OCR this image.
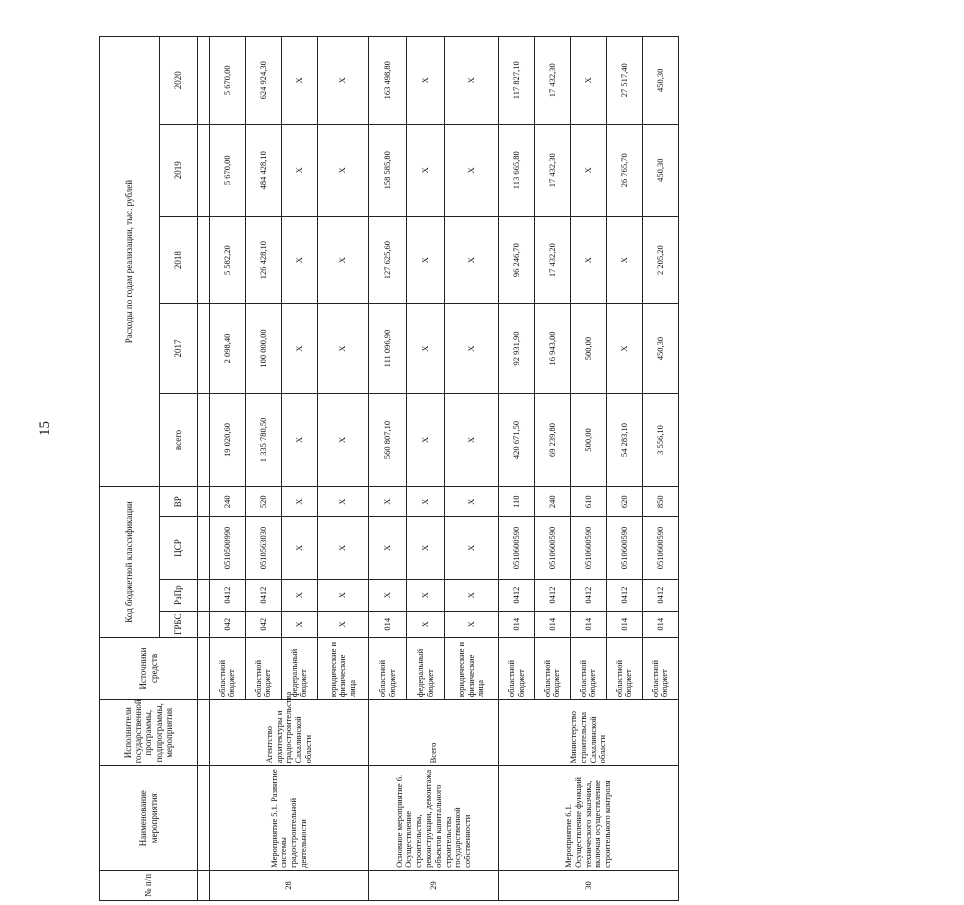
15
№ п/п	Наименование мероприятия	Исполнители государственной программы, подпрограммы, мероприятия	Источники средств	Код бюджетной классификации				Расходы по годам реализации, тыс. рублей				
				ГРБС	РзПр	ЦСР	ВР	всего	2017	2018	2019	2020

28	Мероприятие 5.1. Развитие системы градостроительной деятельности	Агентство архитектуры и градостроительства Сахалинской области	областной бюджет	042	0412	0510500990	240	19 020,60	2 098,40	5 582,20	5 670,00	5 670,00
			областной бюджет	042	0412	0510563030	520	1 335 780,50	100 000,00	126 428,10	484 428,10	624 924,30
			федеральный бюджет	X	X	X	X	X	X	X	X	X
			юридические и физические лица	X	X	X	X	X	X	X	X	X
29	Основное мероприятие 6. Осуществление строительства, реконструкции, демонтажа объектов капитального строительства государственной собственности	Всего	областной бюджет	014	X	X	X	560 807,10	111 096,90	127 625,60	158 585,80	163 498,80
			федеральный бюджет	X	X	X	X	X	X	X	X	X
			юридические и физические лица	X	X	X	X	X	X	X	X	X
30	Мероприятие 6.1. Осуществление функций технического заказчика, включая осуществление строительного контроля	Министерство строительства Сахалинской области	областной бюджет	014	0412	0510600590	110	420 671,50	92 931,90	96 246,70	113 665,80	117 827,10
			областной бюджет	014	0412	0510600590	240	69 239,80	16 943,00	17 432,20	17 432,30	17 432,30
			областной бюджет	014	0412	0510600590	610	500,00	500,00	X	X	X
			областной бюджет	014	0412	0510600590	620	54 283,10	X	X	26 765,70	27 517,40
			областной бюджет	014	0412	0510600590	850	3 556,10	450,30	2 205,20	450,30	450,30
